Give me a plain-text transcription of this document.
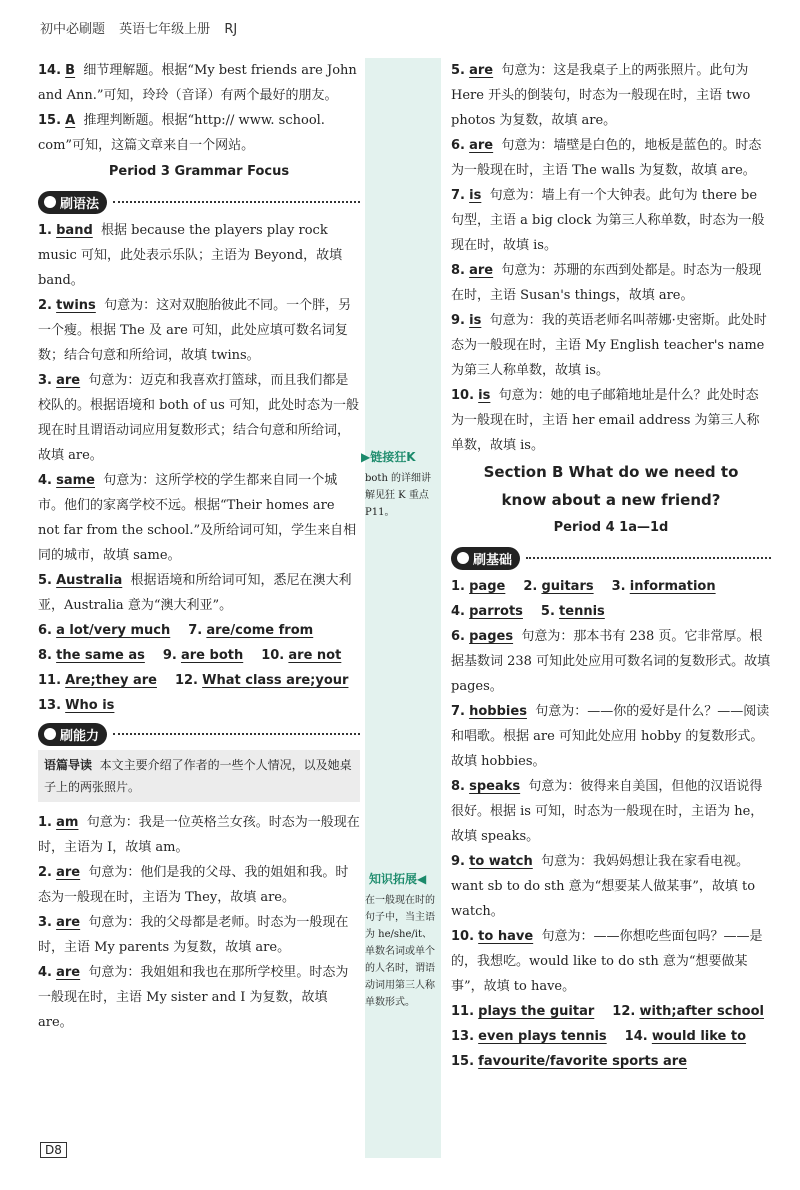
初中必刷题 英语七年级上册 RJ

14. B 细节理解题。根据“My best friends are John and Ann.”可知，玲玲（音译）有两个最好的朋友。

15. A 推理判断题。根据“http:// www. school. com”可知，这篇文章来自一个网站。

Period 3 Grammar Focus
刷语法

1. band 根据 because the players play rock music 可知，此处表示乐队；主语为 Beyond，故填 band。

2. twins 句意为：这对双胞胎彼此不同。一个胖，另一个瘦。根据 The 及 are 可知，此处应填可数名词复数；结合句意和所给词，故填 twins。

3. are 句意为：迈克和我喜欢打篮球，而且我们都是校队的。根据语境和 both of us 可知，此处时态为一般现在时且谓语动词应用复数形式；结合句意和所给词，故填 are。

4. same 句意为：这所学校的学生都来自同一个城市。他们的家离学校不远。根据“Their homes are not far from the school.”及所给词可知，学生来自相同的城市，故填 same。

5. Australia 根据语境和所给词可知，悉尼在澳大利亚，Australia 意为“澳大利亚”。

6. a lot/very much 7. are/come from
8. the same as 9. are both 10. are not
11. Are;they are 12. What class are;your
13. Who is
刷能力
语篇导读 本文主要介绍了作者的一些个人情况，以及她桌子上的两张照片。

1. am 句意为：我是一位英格兰女孩。时态为一般现在时，主语为 I，故填 am。

2. are 句意为：他们是我的父母、我的姐姐和我。时态为一般现在时，主语为 They，故填 are。

3. are 句意为：我的父母都是老师。时态为一般现在时，主语 My parents 为复数，故填 are。

4. are 句意为：我姐姐和我也在那所学校里。时态为一般现在时，主语 My sister and I 为复数，故填 are。

▶链接狂K
both 的详细讲解见狂 K 重点 P11。
知识拓展◀
在一般现在时的句子中，当主语为 he/she/it、单数名词或单个的人名时，谓语动词用第三人称单数形式。

5. are 句意为：这是我桌子上的两张照片。此句为 Here 开头的倒装句，时态为一般现在时，主语 two photos 为复数，故填 are。

6. are 句意为：墙壁是白色的，地板是蓝色的。时态为一般现在时，主语 The walls 为复数，故填 are。

7. is 句意为：墙上有一个大钟表。此句为 there be 句型，主语 a big clock 为第三人称单数，时态为一般现在时，故填 is。

8. are 句意为：苏珊的东西到处都是。时态为一般现在时，主语 Susan's things，故填 are。

9. is 句意为：我的英语老师名叫蒂娜·史密斯。此处时态为一般现在时，主语 My English teacher's name 为第三人称单数，故填 is。

10. is 句意为：她的电子邮箱地址是什么？此处时态为一般现在时，主语 her email address 为第三人称单数，故填 is。

Section B What do we need to
know about a new friend?
Period 4 1a—1d
刷基础
1. page 2. guitars 3. information
4. parrots 5. tennis

6. pages 句意为：那本书有 238 页。它非常厚。根据基数词 238 可知此处应用可数名词的复数形式。故填 pages。

7. hobbies 句意为：——你的爱好是什么？——阅读和唱歌。根据 are 可知此处应用 hobby 的复数形式。故填 hobbies。

8. speaks 句意为：彼得来自美国，但他的汉语说得很好。根据 is 可知，时态为一般现在时，主语为 he，故填 speaks。

9. to watch 句意为：我妈妈想让我在家看电视。want sb to do sth 意为“想要某人做某事”，故填 to watch。

10. to have 句意为：——你想吃些面包吗？——是的，我想吃。would like to do sth 意为“想要做某事”，故填 to have。

11. plays the guitar 12. with;after school
13. even plays tennis 14. would like to
15. favourite/favorite sports are
D8
